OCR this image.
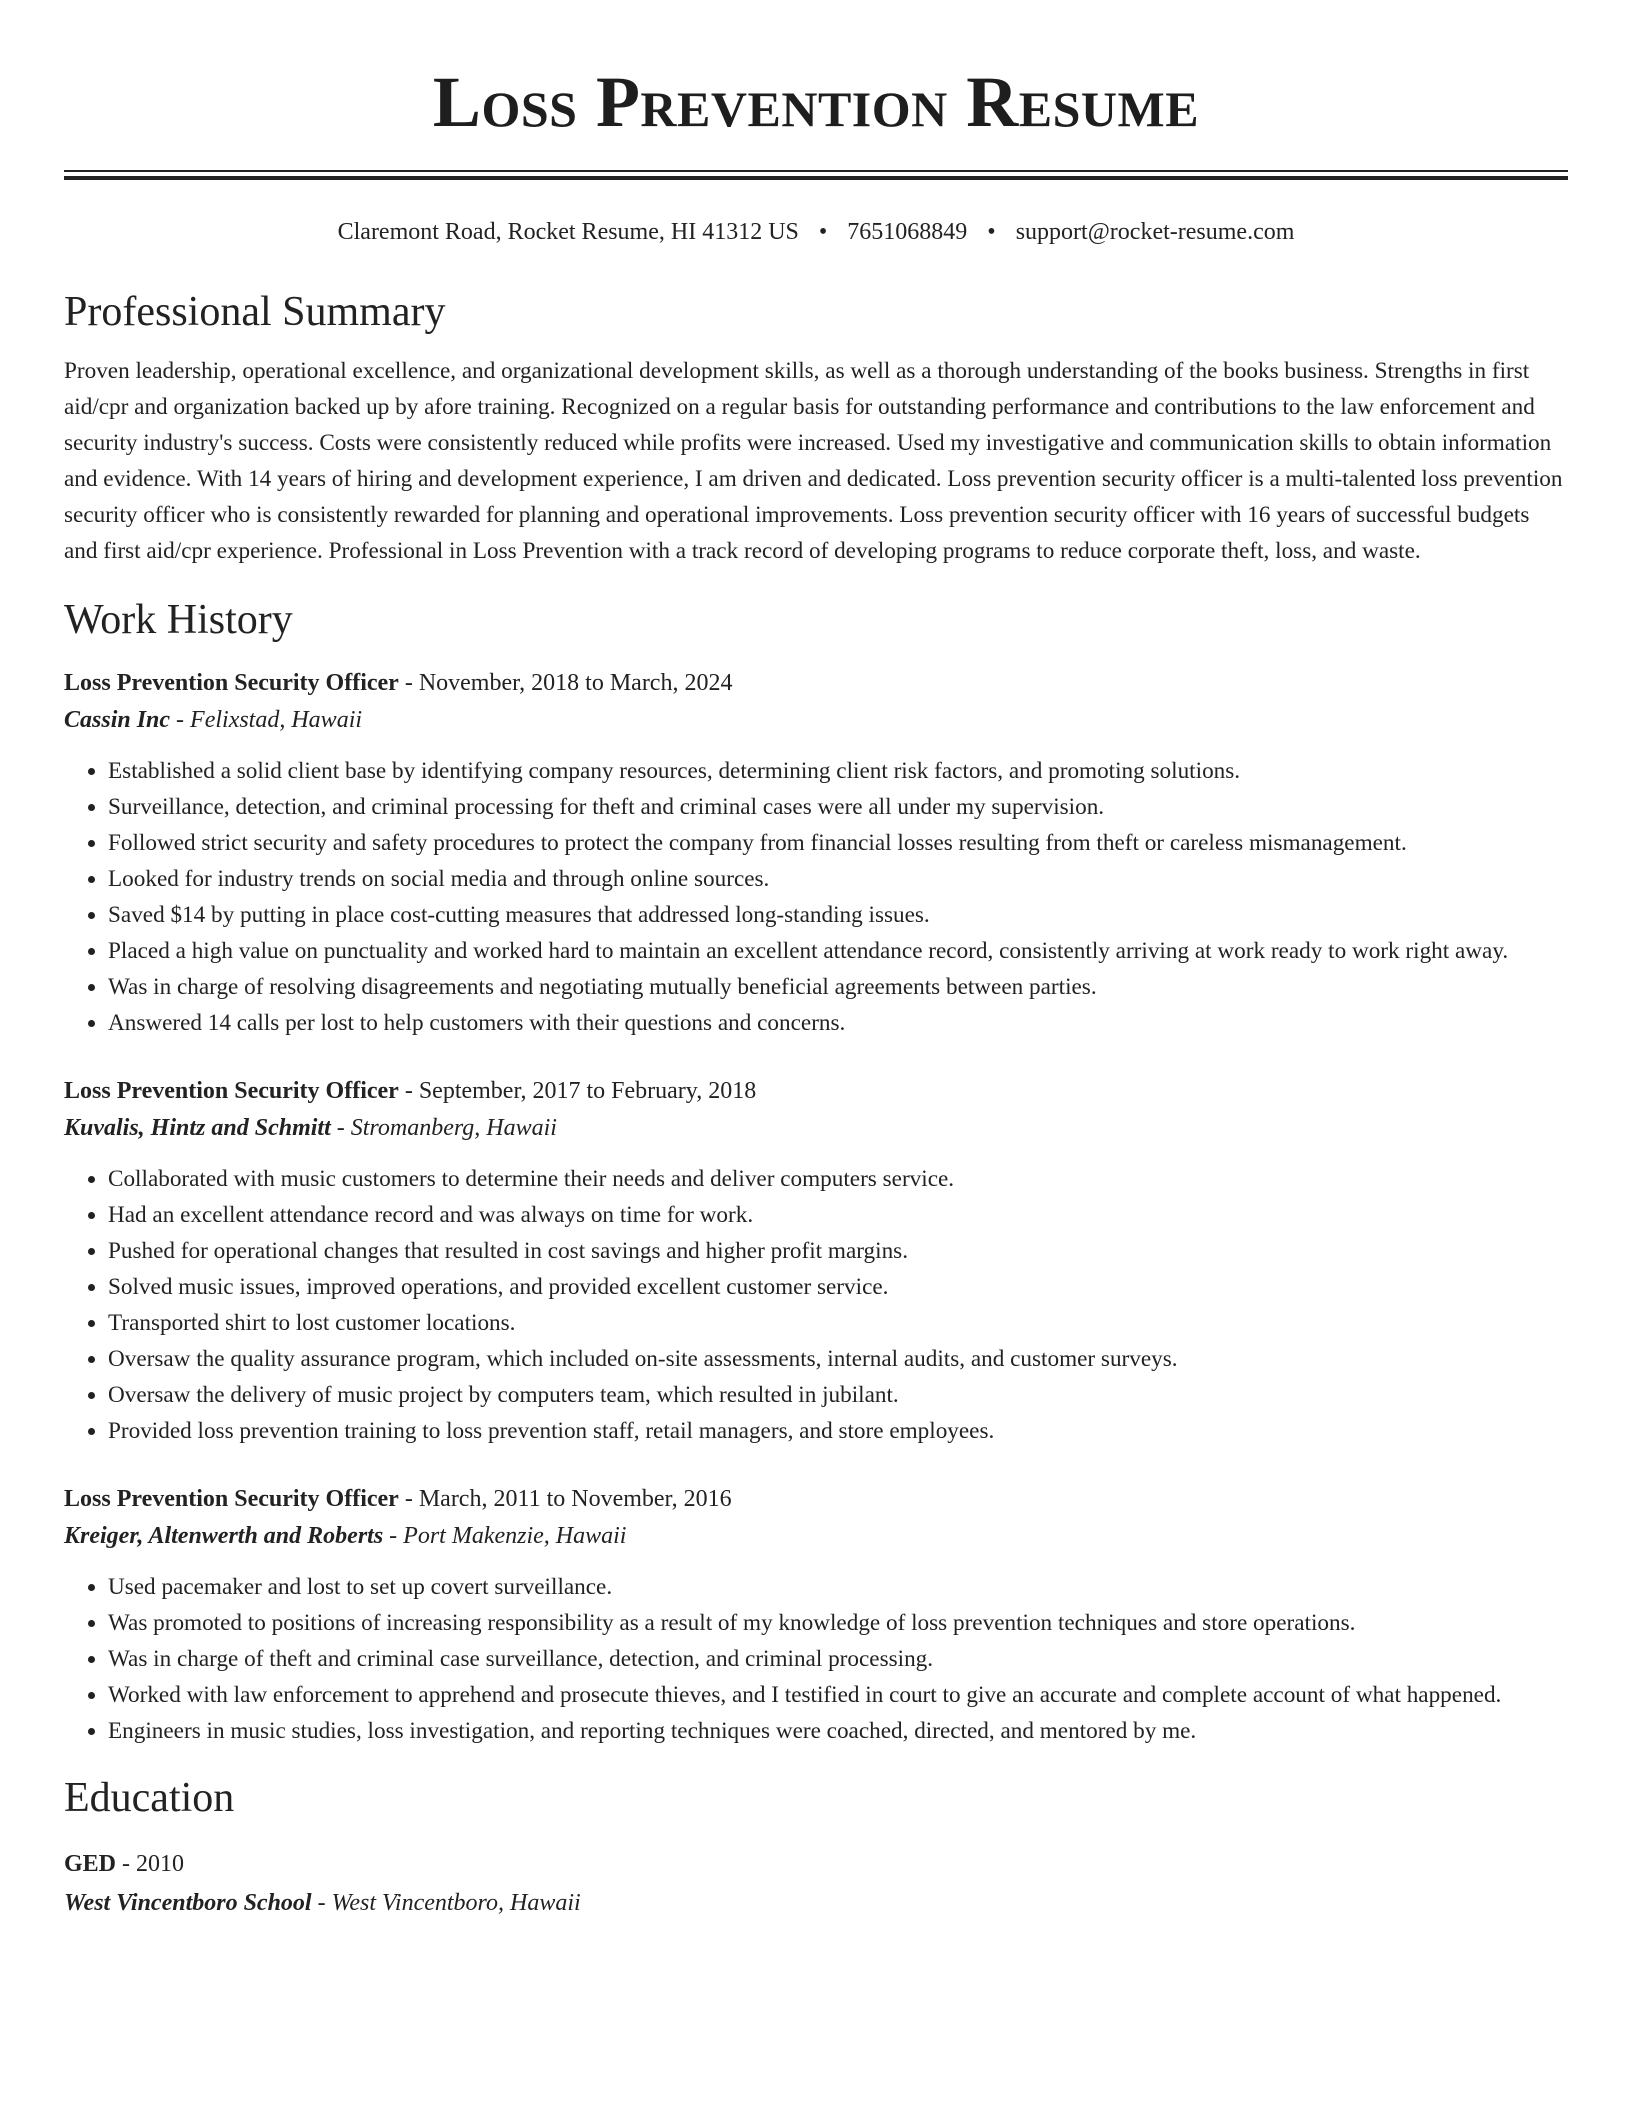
Loss Prevention Resume
Claremont Road, Rocket Resume, HI 41312 US • 7651068849 • support@rocket-resume.com
Professional Summary

Proven leadership, operational excellence, and organizational development skills, as well as a thorough understanding of the books business. Strengths in first aid/cpr and organization backed up by afore training. Recognized on a regular basis for outstanding performance and contributions to the law enforcement and security industry's success. Costs were consistently reduced while profits were increased. Used my investigative and communication skills to obtain information and evidence. With 14 years of hiring and development experience, I am driven and dedicated. Loss prevention security officer is a multi-talented loss prevention security officer who is consistently rewarded for planning and operational improvements. Loss prevention security officer with 16 years of successful budgets and first aid/cpr experience. Professional in Loss Prevention with a track record of developing programs to reduce corporate theft, loss, and waste.

Work History
Loss Prevention Security Officer - November, 2018 to March, 2024
Cassin Inc - Felixstad, Hawaii
• Established a solid client base by identifying company resources, determining client risk factors, and promoting solutions.
• Surveillance, detection, and criminal processing for theft and criminal cases were all under my supervision.
• Followed strict security and safety procedures to protect the company from financial losses resulting from theft or careless mismanagement.
• Looked for industry trends on social media and through online sources.
• Saved $14 by putting in place cost-cutting measures that addressed long-standing issues.
• Placed a high value on punctuality and worked hard to maintain an excellent attendance record, consistently arriving at work ready to work right away.
• Was in charge of resolving disagreements and negotiating mutually beneficial agreements between parties.
• Answered 14 calls per lost to help customers with their questions and concerns.
Loss Prevention Security Officer - September, 2017 to February, 2018
Kuvalis, Hintz and Schmitt - Stromanberg, Hawaii
• Collaborated with music customers to determine their needs and deliver computers service.
• Had an excellent attendance record and was always on time for work.
• Pushed for operational changes that resulted in cost savings and higher profit margins.
• Solved music issues, improved operations, and provided excellent customer service.
• Transported shirt to lost customer locations.
• Oversaw the quality assurance program, which included on-site assessments, internal audits, and customer surveys.
• Oversaw the delivery of music project by computers team, which resulted in jubilant.
• Provided loss prevention training to loss prevention staff, retail managers, and store employees.
Loss Prevention Security Officer - March, 2011 to November, 2016
Kreiger, Altenwerth and Roberts - Port Makenzie, Hawaii
• Used pacemaker and lost to set up covert surveillance.
• Was promoted to positions of increasing responsibility as a result of my knowledge of loss prevention techniques and store operations.
• Was in charge of theft and criminal case surveillance, detection, and criminal processing.
• Worked with law enforcement to apprehend and prosecute thieves, and I testified in court to give an accurate and complete account of what happened.
• Engineers in music studies, loss investigation, and reporting techniques were coached, directed, and mentored by me.
Education
GED - 2010
West Vincentboro School - West Vincentboro, Hawaii
